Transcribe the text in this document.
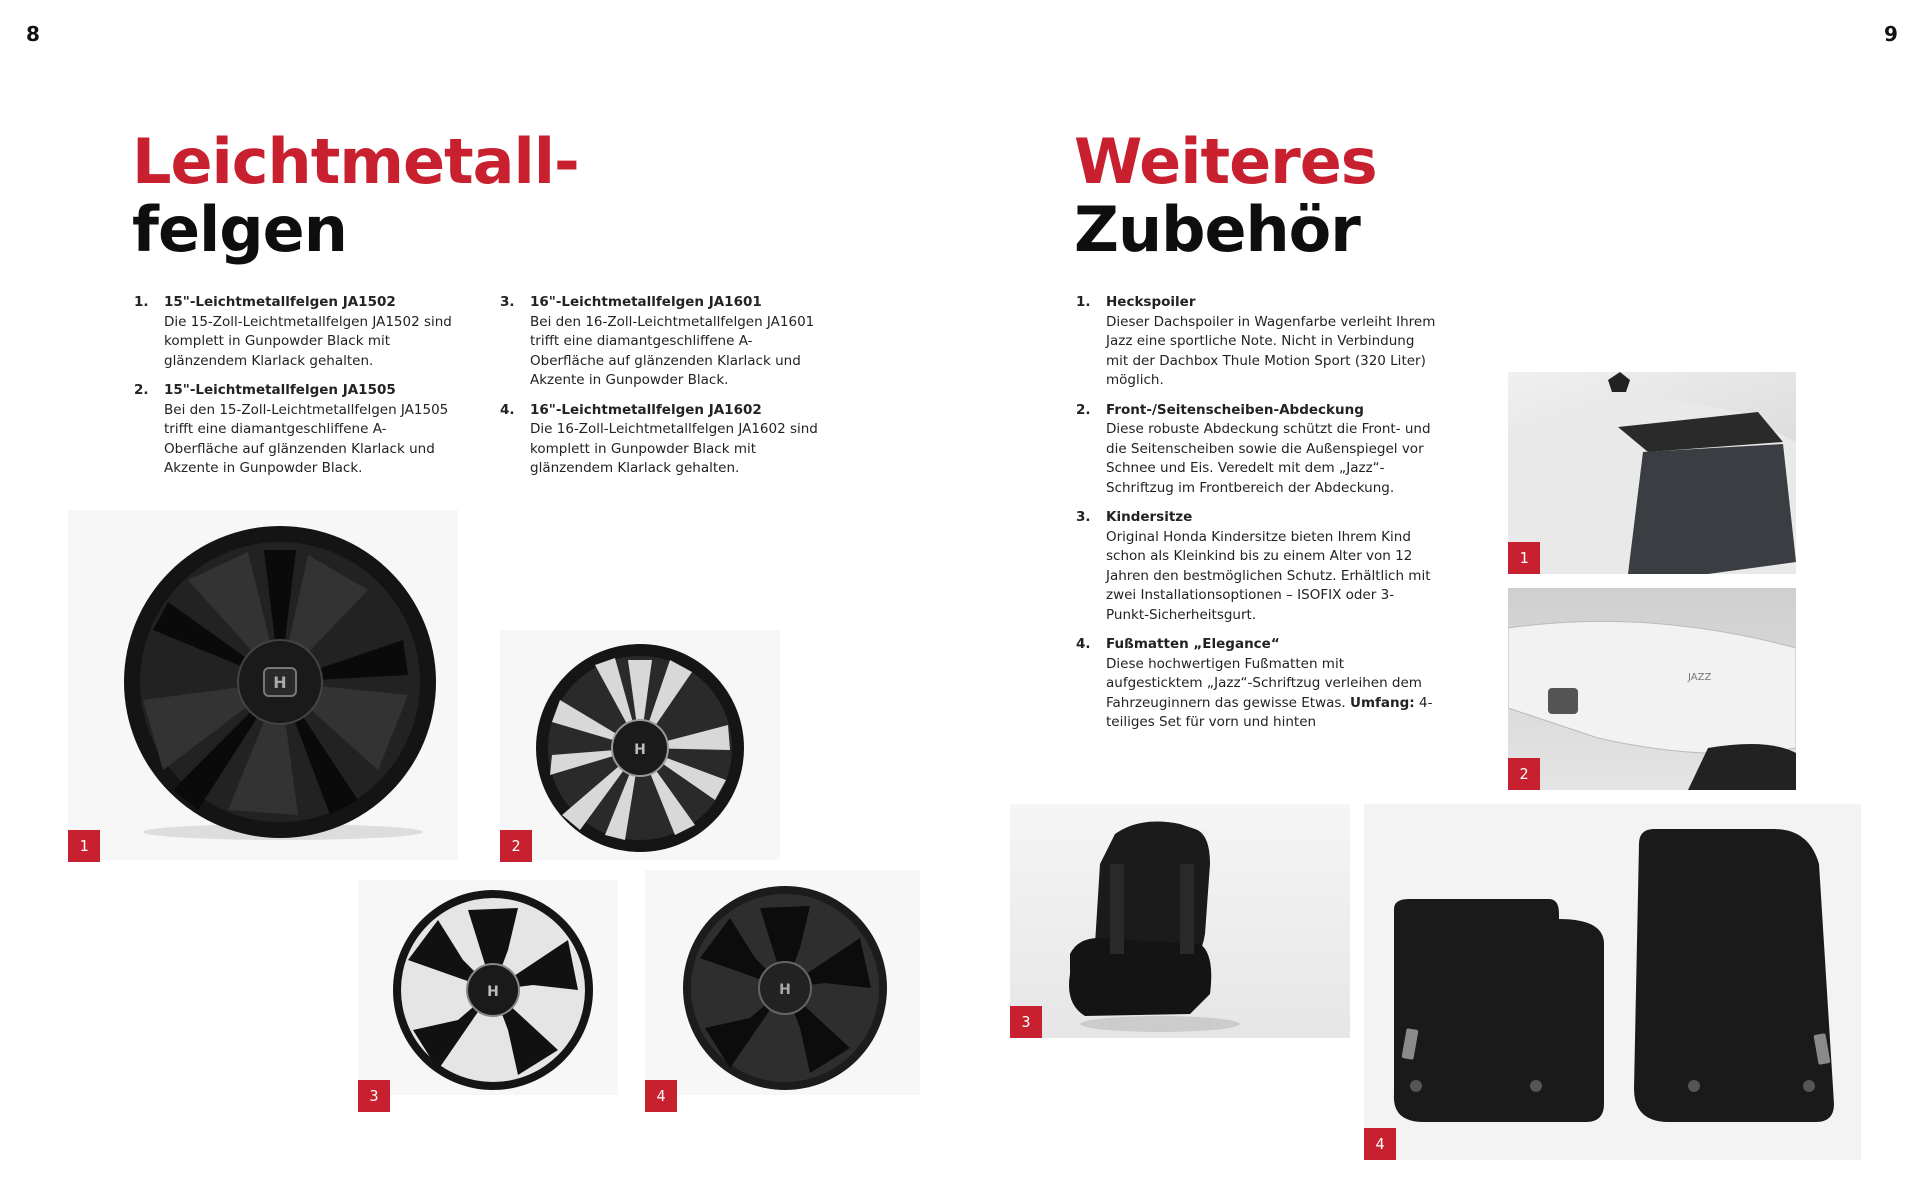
8	9
Leichtmetall-
felgen
1. 15"-Leichtmetallfelgen JA1502
Die 15-Zoll-Leichtmetallfelgen JA1502 sind komplett in Gunpowder Black mit glänzendem Klarlack gehalten.
2. 15"-Leichtmetallfelgen JA1505
Bei den 15-Zoll-Leichtmetallfelgen JA1505 trifft eine diamantgeschliffene A-Oberfläche auf glänzenden Klarlack und Akzente in Gunpowder Black.
3. 16"-Leichtmetallfelgen JA1601
Bei den 16-Zoll-Leichtmetallfelgen JA1601 trifft eine diamantgeschliffene A-Oberfläche auf glänzenden Klarlack und Akzente in Gunpowder Black.
4. 16"-Leichtmetallfelgen JA1602
Die 16-Zoll-Leichtmetallfelgen JA1602 sind komplett in Gunpowder Black mit glänzendem Klarlack gehalten.
H
1
H
2
H
3
H
4
Weiteres
Zubehör
1. Heckspoiler
Dieser Dachspoiler in Wagenfarbe verleiht Ihrem Jazz eine sportliche Note. Nicht in Verbindung mit der Dachbox Thule Motion Sport (320 Liter) möglich.
2. Front-/Seitenscheiben-Abdeckung
Diese robuste Abdeckung schützt die Front- und die Seitenscheiben sowie die Außenspiegel vor Schnee und Eis. Veredelt mit dem „Jazz“-Schriftzug im Frontbereich der Abdeckung.
3. Kindersitze
Original Honda Kindersitze bieten Ihrem Kind schon als Kleinkind bis zu einem Alter von 12 Jahren den bestmöglichen Schutz. Erhältlich mit zwei Installationsoptionen – ISOFIX oder 3-Punkt-Sicherheitsgurt.
4. Fußmatten „Elegance“
Diese hochwertigen Fußmatten mit aufgesticktem „Jazz“-Schriftzug verleihen dem Fahrzeuginnern das gewisse Etwas. Umfang: 4-teiliges Set für vorn und hinten
1
JAZZ
2
3
4
